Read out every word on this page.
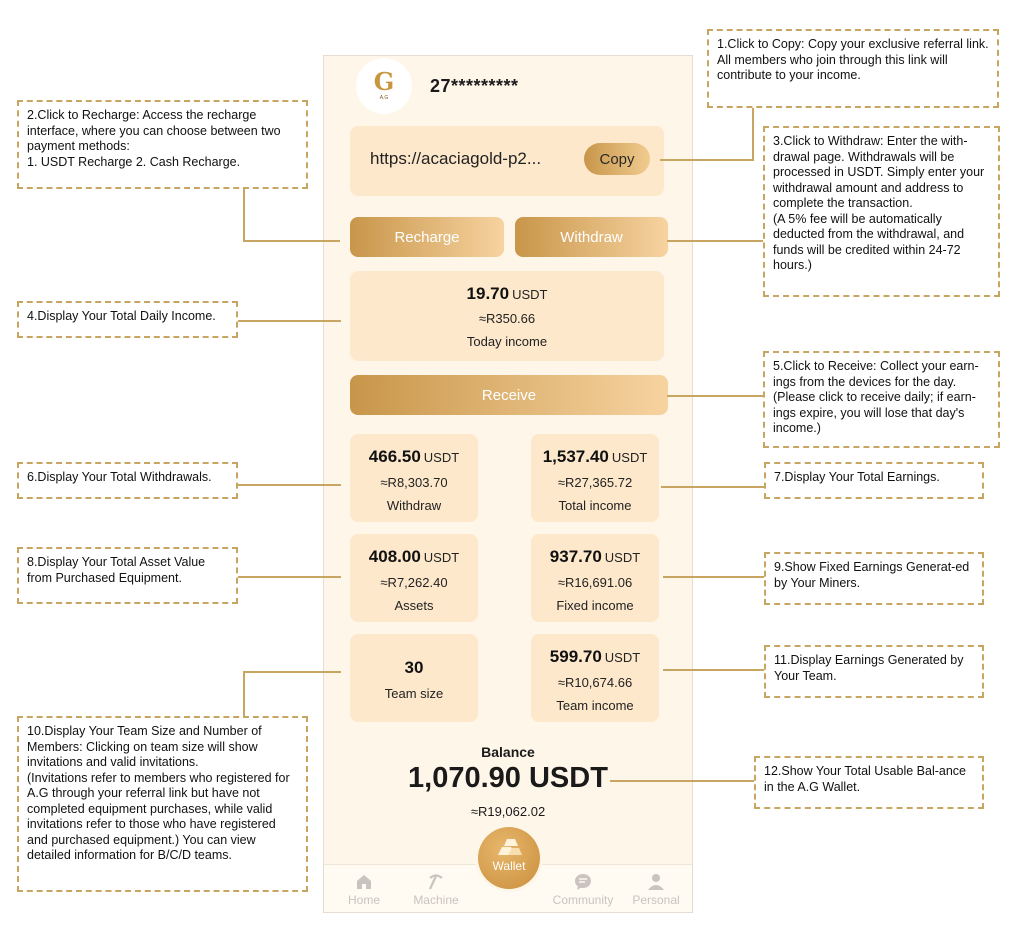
G
A.G
27*********
https://acaciagold-p2...	Copy
Recharge	Withdraw
19.70 USDT
≈R350.66
Today income
Receive
466.50 USDT
≈R8,303.70
Withdraw
1,537.40 USDT
≈R27,365.72
Total income
408.00 USDT
≈R7,262.40
Assets
937.70 USDT
≈R16,691.06
Fixed income
30
Team size
599.70 USDT
≈R10,674.66
Team income
Balance
1,070.90 USDT
≈R19,062.02
Home	Machine	Community	Personal
Wallet
1.Click to Copy: Copy your exclusive referral link. All members who join through this link will contribute to your income.
2.Click to Recharge: Access the recharge interface, where you can choose between two payment methods:
1. USDT Recharge 2. Cash Recharge.
3.Click to Withdraw: Enter the with-drawal page. Withdrawals will be processed in USDT. Simply enter your withdrawal amount and address to complete the transaction.
(A 5% fee will be automatically deducted from the withdrawal, and funds will be credited within 24-72 hours.)
4.Display Your Total Daily Income.
5.Click to Receive: Collect your earn-ings from the devices for the day. (Please click to receive daily; if earn-ings expire, you will lose that day's income.)
6.Display Your Total Withdrawals.	7.Display Your Total Earnings.
8.Display Your Total Asset Value from Purchased Equipment.
9.Show Fixed Earnings Generat-ed by Your Miners.
10.Display Your Team Size and Number of Members: Clicking on team size will show invitations and valid invitations.
(Invitations refer to members who registered for A.G through your referral link but have not completed equipment purchases, while valid invitations refer to those who have registered and purchased equipment.) You can view detailed information for B/C/D teams.
11.Display Earnings Generated by Your Team.
12.Show Your Total Usable Bal-ance in the A.G Wallet.
